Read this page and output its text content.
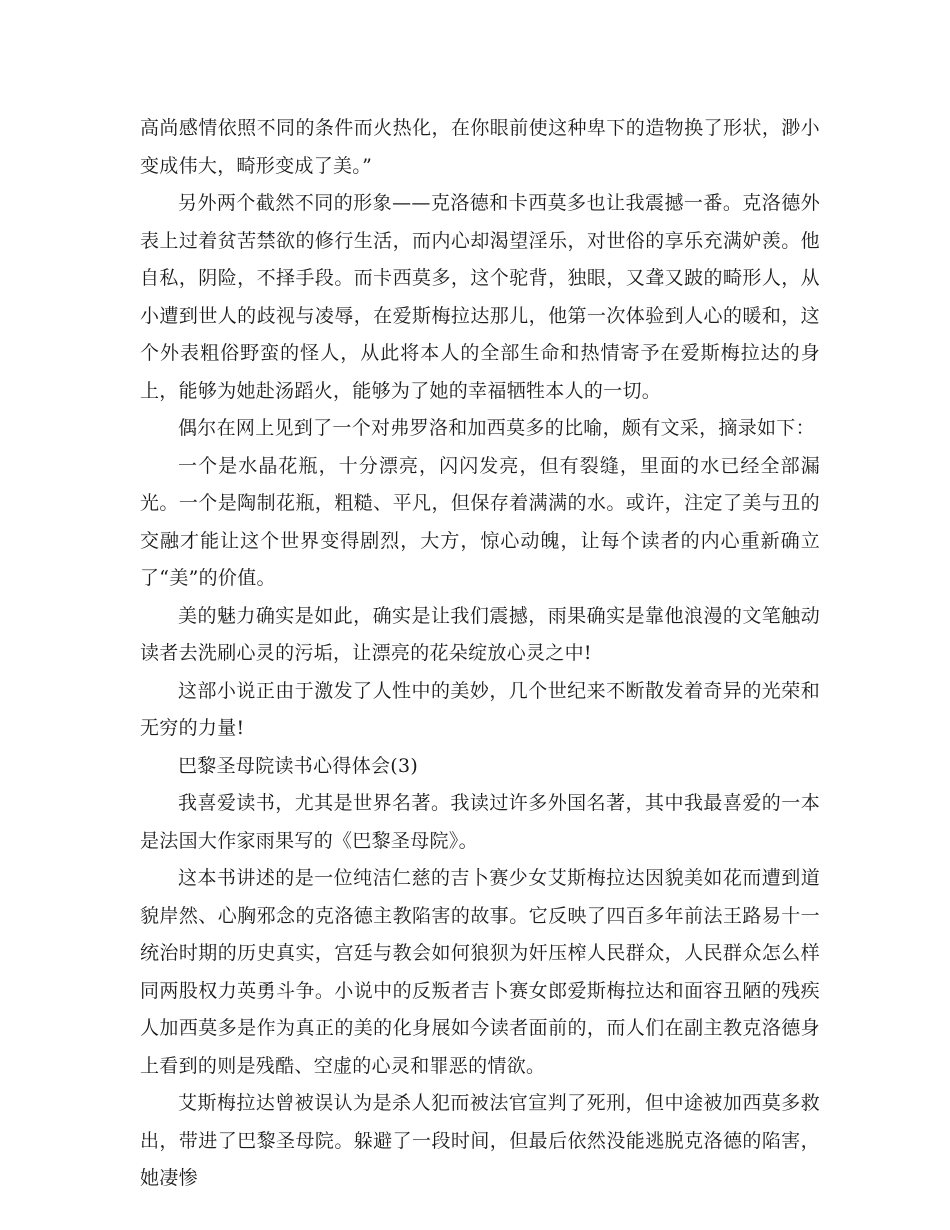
高尚感情依照不同的条件而火热化，在你眼前使这种卑下的造物换了形状，渺小变成伟大，畸形变成了美。”

另外两个截然不同的形象——克洛德和卡西莫多也让我震撼一番。克洛德外表上过着贫苦禁欲的修行生活，而内心却渴望淫乐，对世俗的享乐充满妒羡。他自私，阴险，不择手段。而卡西莫多，这个驼背，独眼，又聋又跛的畸形人，从小遭到世人的歧视与凌辱，在爱斯梅拉达那儿，他第一次体验到人心的暖和，这个外表粗俗野蛮的怪人，从此将本人的全部生命和热情寄予在爱斯梅拉达的身上，能够为她赴汤蹈火，能够为了她的幸福牺牲本人的一切。

偶尔在网上见到了一个对弗罗洛和加西莫多的比喻，颇有文采，摘录如下：

一个是水晶花瓶，十分漂亮，闪闪发亮，但有裂缝，里面的水已经全部漏光。一个是陶制花瓶，粗糙、平凡，但保存着满满的水。或许，注定了美与丑的交融才能让这个世界变得剧烈，大方，惊心动魄，让每个读者的内心重新确立了“美”的价值。

美的魅力确实是如此，确实是让我们震撼，雨果确实是靠他浪漫的文笔触动读者去洗刷心灵的污垢，让漂亮的花朵绽放心灵之中!

这部小说正由于激发了人性中的美妙，几个世纪来不断散发着奇异的光荣和无穷的力量!

巴黎圣母院读书心得体会(3)

我喜爱读书，尤其是世界名著。我读过许多外国名著，其中我最喜爱的一本是法国大作家雨果写的《巴黎圣母院》。

这本书讲述的是一位纯洁仁慈的吉卜赛少女艾斯梅拉达因貌美如花而遭到道貌岸然、心胸邪念的克洛德主教陷害的故事。它反映了四百多年前法王路易十一统治时期的历史真实，宫廷与教会如何狼狈为奸压榨人民群众，人民群众怎么样同两股权力英勇斗争。小说中的反叛者吉卜赛女郎爱斯梅拉达和面容丑陋的残疾人加西莫多是作为真正的美的化身展如今读者面前的，而人们在副主教克洛德身上看到的则是残酷、空虚的心灵和罪恶的情欲。

艾斯梅拉达曾被误认为是杀人犯而被法官宣判了死刑，但中途被加西莫多救出，带进了巴黎圣母院。躲避了一段时间，但最后依然没能逃脱克洛德的陷害，她凄惨
